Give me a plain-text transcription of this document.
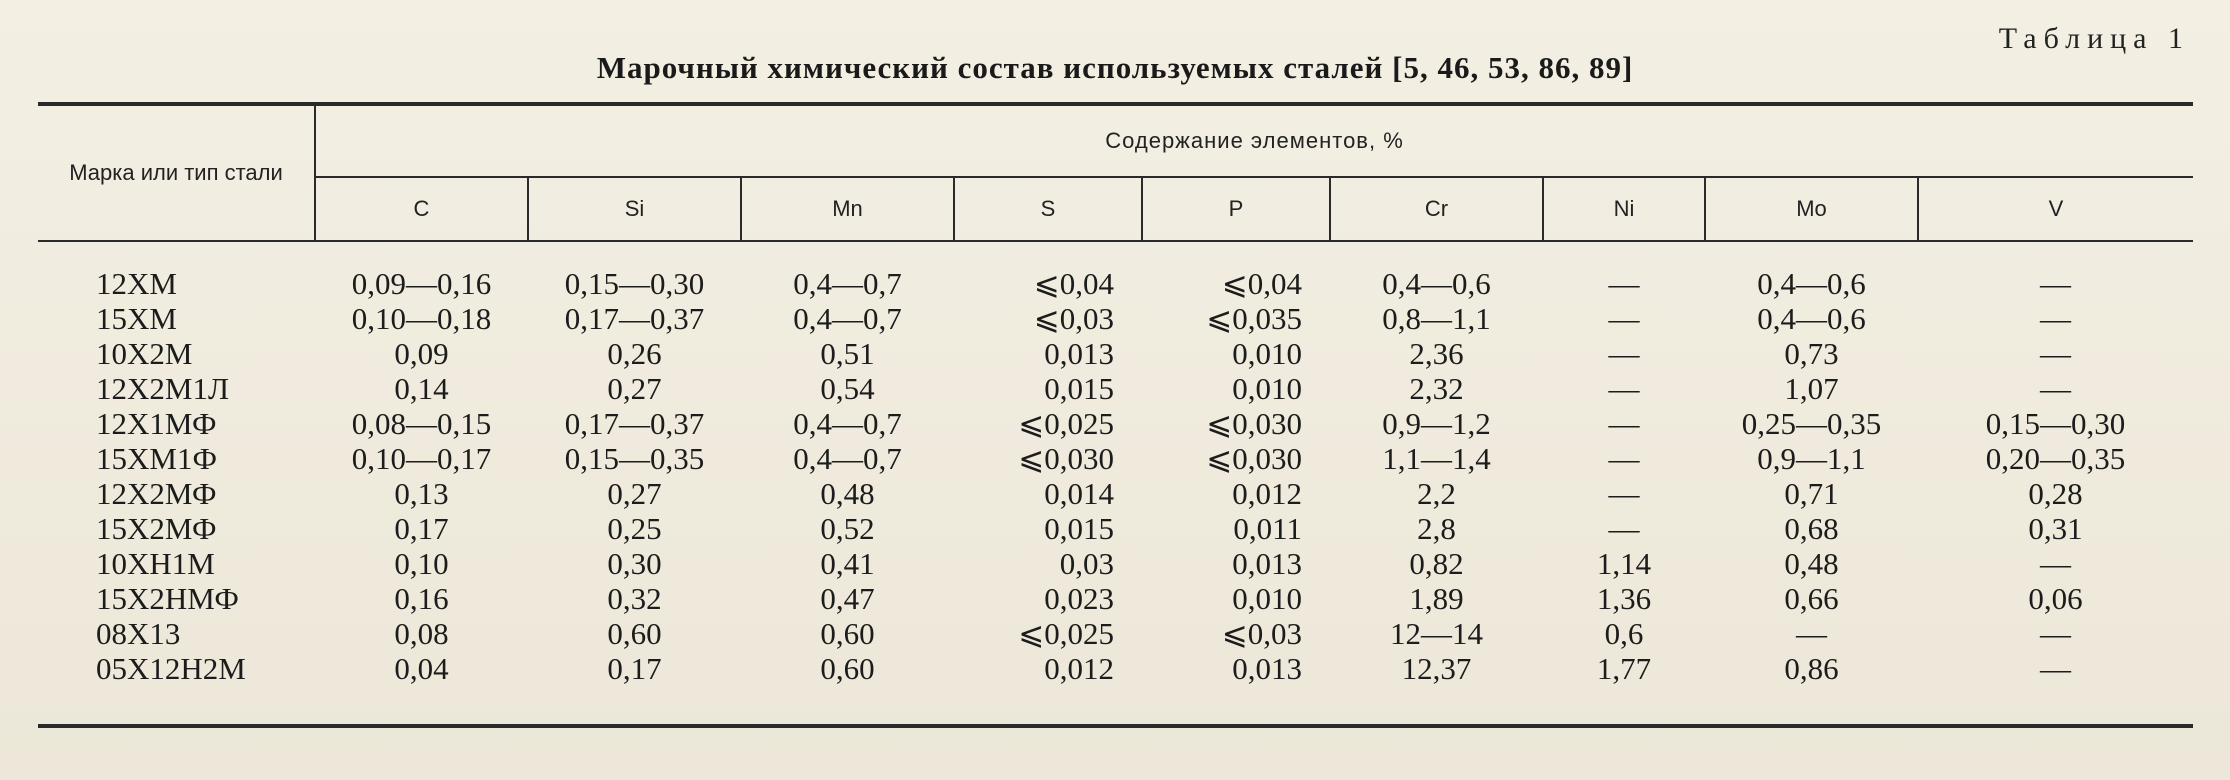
Таблица 1
Марочный химический состав используемых сталей [5, 46, 53, 86, 89]
Марка или тип стали	Содержание элементов, %								
	C	Si	Mn	S	P	Cr	Ni	Mo	V

12ХМ	0,09—0,16	0,15—0,30	0,4—0,7	⩽0,04	⩽0,04	0,4—0,6	—	0,4—0,6	—
15ХМ	0,10—0,18	0,17—0,37	0,4—0,7	⩽0,03	⩽0,035	0,8—1,1	—	0,4—0,6	—
10Х2М	0,09	0,26	0,51	0,013	0,010	2,36	—	0,73	—
12Х2М1Л	0,14	0,27	0,54	0,015	0,010	2,32	—	1,07	—
12Х1МФ	0,08—0,15	0,17—0,37	0,4—0,7	⩽0,025	⩽0,030	0,9—1,2	—	0,25—0,35	0,15—0,30
15ХМ1Ф	0,10—0,17	0,15—0,35	0,4—0,7	⩽0,030	⩽0,030	1,1—1,4	—	0,9—1,1	0,20—0,35
12Х2МФ	0,13	0,27	0,48	0,014	0,012	2,2	—	0,71	0,28
15Х2МФ	0,17	0,25	0,52	0,015	0,011	2,8	—	0,68	0,31
10ХН1М	0,10	0,30	0,41	0,03	0,013	0,82	1,14	0,48	—
15Х2НМФ	0,16	0,32	0,47	0,023	0,010	1,89	1,36	0,66	0,06
08Х13	0,08	0,60	0,60	⩽0,025	⩽0,03	12—14	0,6	—	—
05Х12Н2М	0,04	0,17	0,60	0,012	0,013	12,37	1,77	0,86	—
